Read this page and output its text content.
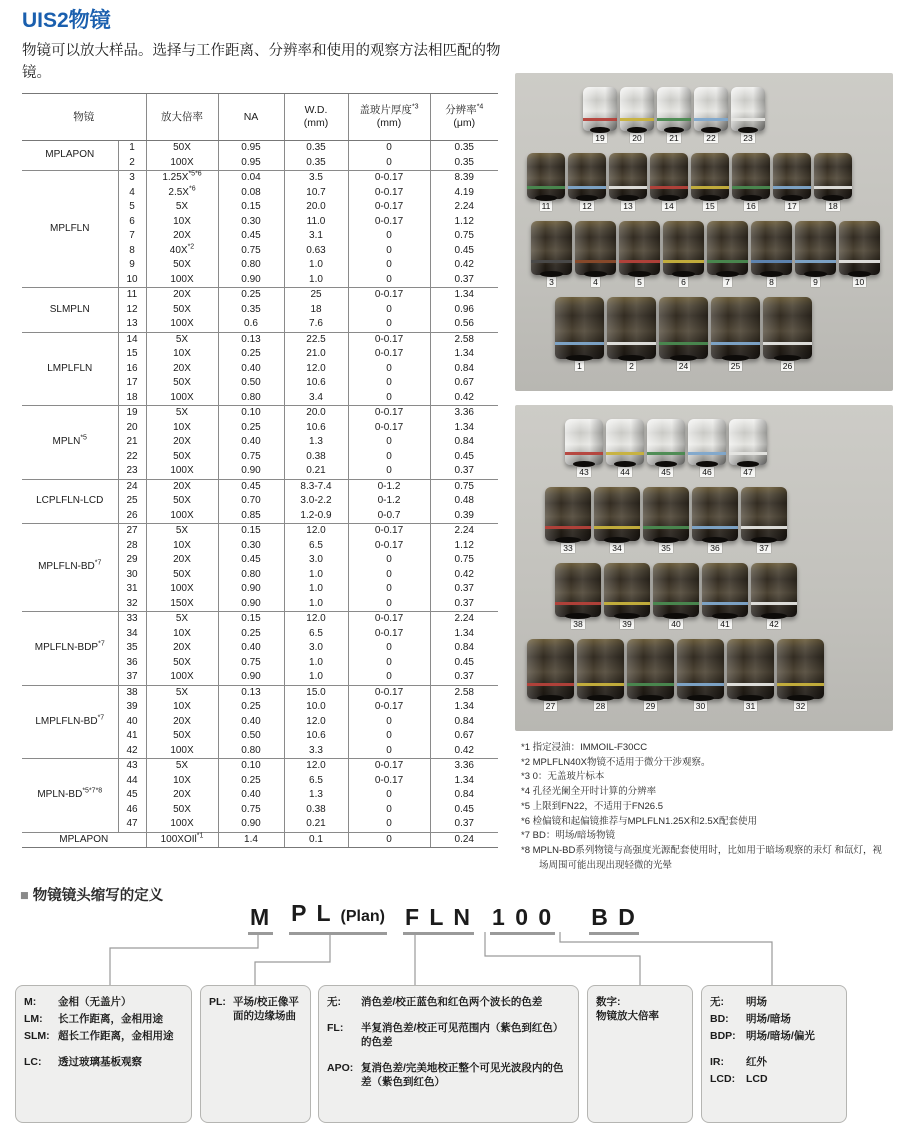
UIS2物镜

物镜可以放大样品。选择与工作距离、分辨率和使用的观察方法相匹配的物镜。

物镜		放大倍率	NA	W.D.
(mm)	盖玻片厚度$^{*3}$
(mm)	分辨率$^{*4}$
(μm)
MPLAPON	1	50X	0.95	0.35	0	0.35
	2	100X	0.95	0.35	0	0.35
MPLFLN	3	$1.25X^{*5*6}$	0.04	3.5	0-0.17	8.39
	4	$2.5X^{*6}$	0.08	10.7	0-0.17	4.19
	5	5X	0.15	20.0	0-0.17	2.24
	6	10X	0.30	11.0	0-0.17	1.12
	7	20X	0.45	3.1	0	0.75
	8	$40X^{*2}$	0.75	0.63	0	0.45
	9	50X	0.80	1.0	0	0.42
	10	100X	0.90	1.0	0	0.37
SLMPLN	11	20X	0.25	25	0-0.17	1.34
	12	50X	0.35	18	0	0.96
	13	100X	0.6	7.6	0	0.56
LMPLFLN	14	5X	0.13	22.5	0-0.17	2.58
	15	10X	0.25	21.0	0-0.17	1.34
	16	20X	0.40	12.0	0	0.84
	17	50X	0.50	10.6	0	0.67
	18	100X	0.80	3.4	0	0.42
MPLN$^{*5}$	19	5X	0.10	20.0	0-0.17	3.36
	20	10X	0.25	10.6	0-0.17	1.34
	21	20X	0.40	1.3	0	0.84
	22	50X	0.75	0.38	0	0.45
	23	100X	0.90	0.21	0	0.37
LCPLFLN-LCD	24	20X	0.45	8.3-7.4	0-1.2	0.75
	25	50X	0.70	3.0-2.2	0-1.2	0.48
	26	100X	0.85	1.2-0.9	0-0.7	0.39
MPLFLN-BD$^{*7}$	27	5X	0.15	12.0	0-0.17	2.24
	28	10X	0.30	6.5	0-0.17	1.12
	29	20X	0.45	3.0	0	0.75
	30	50X	0.80	1.0	0	0.42
	31	100X	0.90	1.0	0	0.37
	32	150X	0.90	1.0	0	0.37
MPLFLN-BDP$^{*7}$	33	5X	0.15	12.0	0-0.17	2.24
	34	10X	0.25	6.5	0-0.17	1.34
	35	20X	0.40	3.0	0	0.84
	36	50X	0.75	1.0	0	0.45
	37	100X	0.90	1.0	0	0.37
LMPLFLN-BD$^{*7}$	38	5X	0.13	15.0	0-0.17	2.58
	39	10X	0.25	10.0	0-0.17	1.34
	40	20X	0.40	12.0	0	0.84
	41	50X	0.50	10.6	0	0.67
	42	100X	0.80	3.3	0	0.42
MPLN-$BD^{*5*7*8}$	43	5X	0.10	12.0	0-0.17	3.36
	44	10X	0.25	6.5	0-0.17	1.34
	45	20X	0.40	1.3	0	0.84
	46	50X	0.75	0.38	0	0.45
	47	100X	0.90	0.21	0	0.37
MPLAPON		100XOIl$^{*1}$	1.4	0.1	0	0.24
19	20	21	22	23
11	12	13	14	15	16	17	18
3	4	5	6	7	8	9	10
1	2	24	25	26
43	44	45	46	47
33	34	35	36	37
38	39	40	41	42
27	28	29	30	31	32
*1 指定浸油：IMMOIL-F30CC
*2 MPLFLN40X物镜不适用于微分干涉观察。
*3 0：无盖玻片标本
*4 孔径光阑全开时计算的分辨率
*5 上限到FN22，不适用于FN26.5
*6 检偏镜和起偏镜推荐与MPLFLN1.25X和2.5X配套使用
*7 BD：明场/暗场物镜
*8 MPLN-BD系列物镜与高强度光源配套使用时，比如用于暗场观察的汞灯 和氙灯，视场周围可能出现出现轻微的光晕
■ 物镜镜头缩写的定义
M P L (Plan) F L N 1 0 0 B D
M:	金相（无盖片）
LM:	长工作距离，金相用途
SLM: 超长工作距离，金相用途
LC:	透过玻璃基板观察
PL: 平场/校正像平面的边缘场曲
无:	消色差/校正蓝色和红色两个波长的色差
FL:	半复消色差/校正可见范围内（紫色到红色）的色差
APO: 复消色差/完美地校正整个可见光波段内的色差（紫色到红色）
数字:
物镜放大倍率
无:	明场
BD:	明场/暗场
BDP: 明场/暗场/偏光
IR:	红外
LCD:	LCD
